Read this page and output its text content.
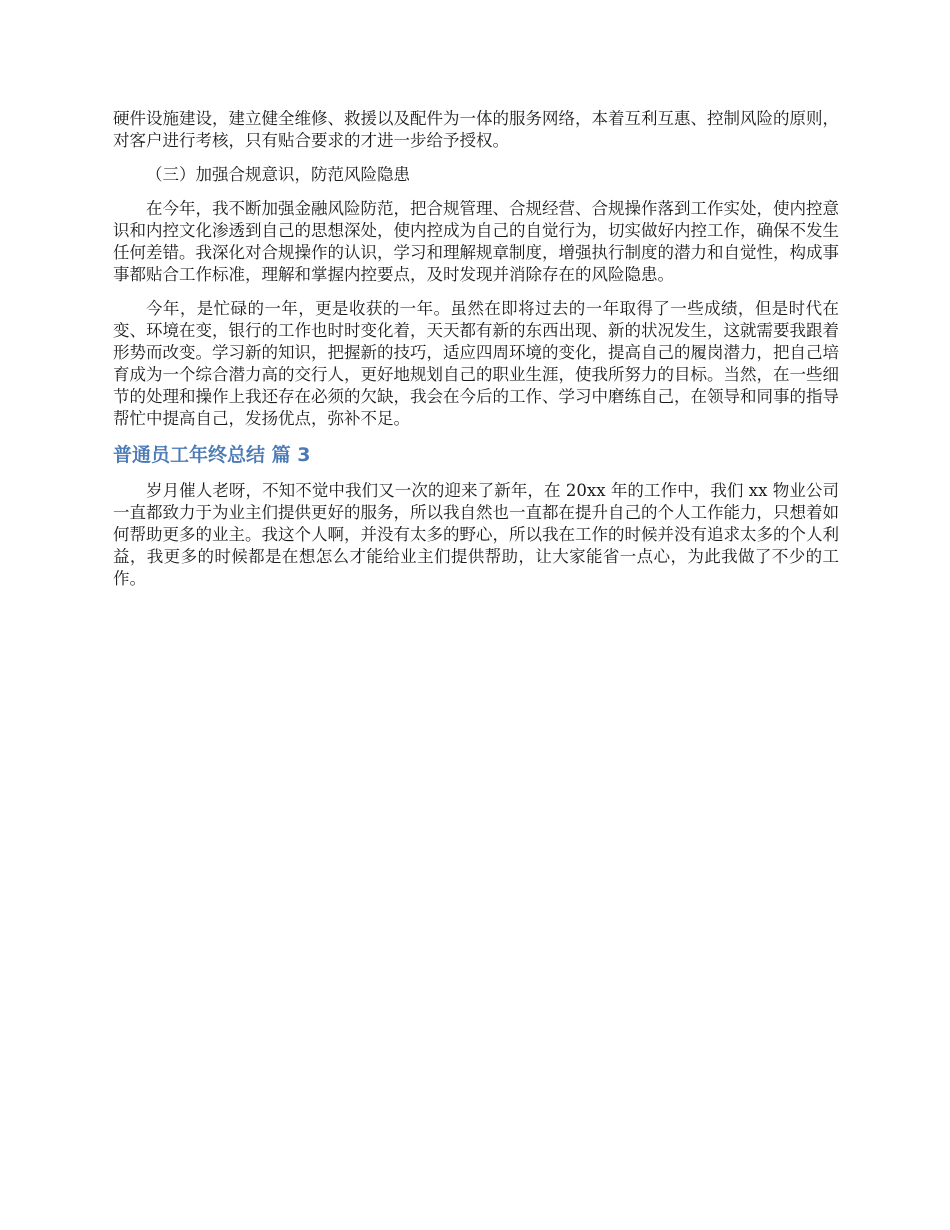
硬件设施建设，建立健全维修、救援以及配件为一体的服务网络，本着互利互惠、控制风险的原则，对客户进行考核，只有贴合要求的才进一步给予授权。

（三）加强合规意识，防范风险隐患

在今年，我不断加强金融风险防范，把合规管理、合规经营、合规操作落到工作实处，使内控意识和内控文化渗透到自己的思想深处，使内控成为自己的自觉行为，切实做好内控工作，确保不发生任何差错。我深化对合规操作的认识，学习和理解规章制度，增强执行制度的潜力和自觉性，构成事事都贴合工作标准，理解和掌握内控要点，及时发现并消除存在的风险隐患。

今年，是忙碌的一年，更是收获的一年。虽然在即将过去的一年取得了一些成绩，但是时代在变、环境在变，银行的工作也时时变化着，天天都有新的东西出现、新的状况发生，这就需要我跟着形势而改变。学习新的知识，把握新的技巧，适应四周环境的变化，提高自己的履岗潜力，把自己培育成为一个综合潜力高的交行人，更好地规划自己的职业生涯，使我所努力的目标。当然，在一些细节的处理和操作上我还存在必须的欠缺，我会在今后的工作、学习中磨练自己，在领导和同事的指导帮忙中提高自己，发扬优点，弥补不足。

普通员工年终总结 篇 3

岁月催人老呀，不知不觉中我们又一次的迎来了新年，在 20xx 年的工作中，我们 xx 物业公司一直都致力于为业主们提供更好的服务，所以我自然也一直都在提升自己的个人工作能力，只想着如何帮助更多的业主。我这个人啊，并没有太多的野心，所以我在工作的时候并没有追求太多的个人利益，我更多的时候都是在想怎么才能给业主们提供帮助，让大家能省一点心，为此我做了不少的工作。
